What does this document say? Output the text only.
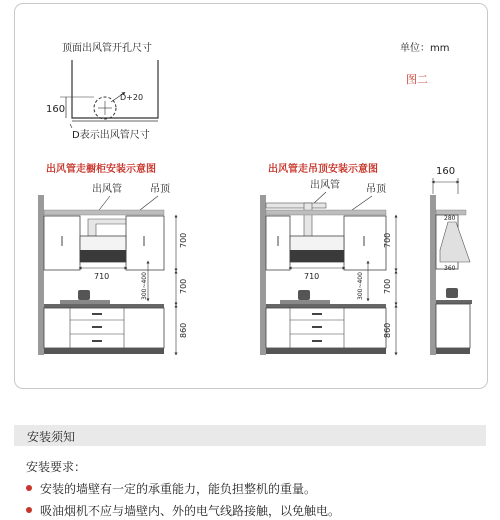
顶面出风管开孔尺寸	单位：mm
图二
D+20
160
D表示出风管尺寸
出风管走橱柜安装示意图
出风管	吊顶
710
700
700
860
300~400
出风管走吊顶安装示意图
出风管	吊顶
710
700
700
860
300~400
160
280
360
安装须知
安装要求：
安装的墙壁有一定的承重能力，能负担整机的重量。
吸油烟机不应与墙壁内、外的电气线路接触，以免触电。
